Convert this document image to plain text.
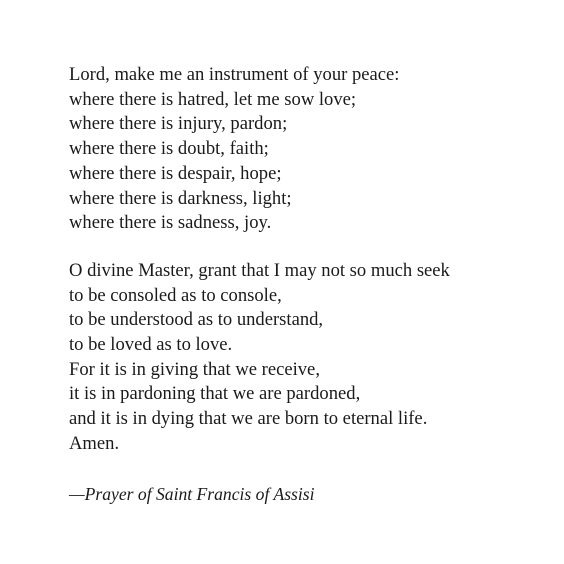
Lord, make me an instrument of your peace:
where there is hatred, let me sow love;
where there is injury, pardon;
where there is doubt, faith;
where there is despair, hope;
where there is darkness, light;
where there is sadness, joy.
O divine Master, grant that I may not so much seek
to be consoled as to console,
to be understood as to understand,
to be loved as to love.
For it is in giving that we receive,
it is in pardoning that we are pardoned,
and it is in dying that we are born to eternal life.
Amen.
—Prayer of Saint Francis of Assisi
